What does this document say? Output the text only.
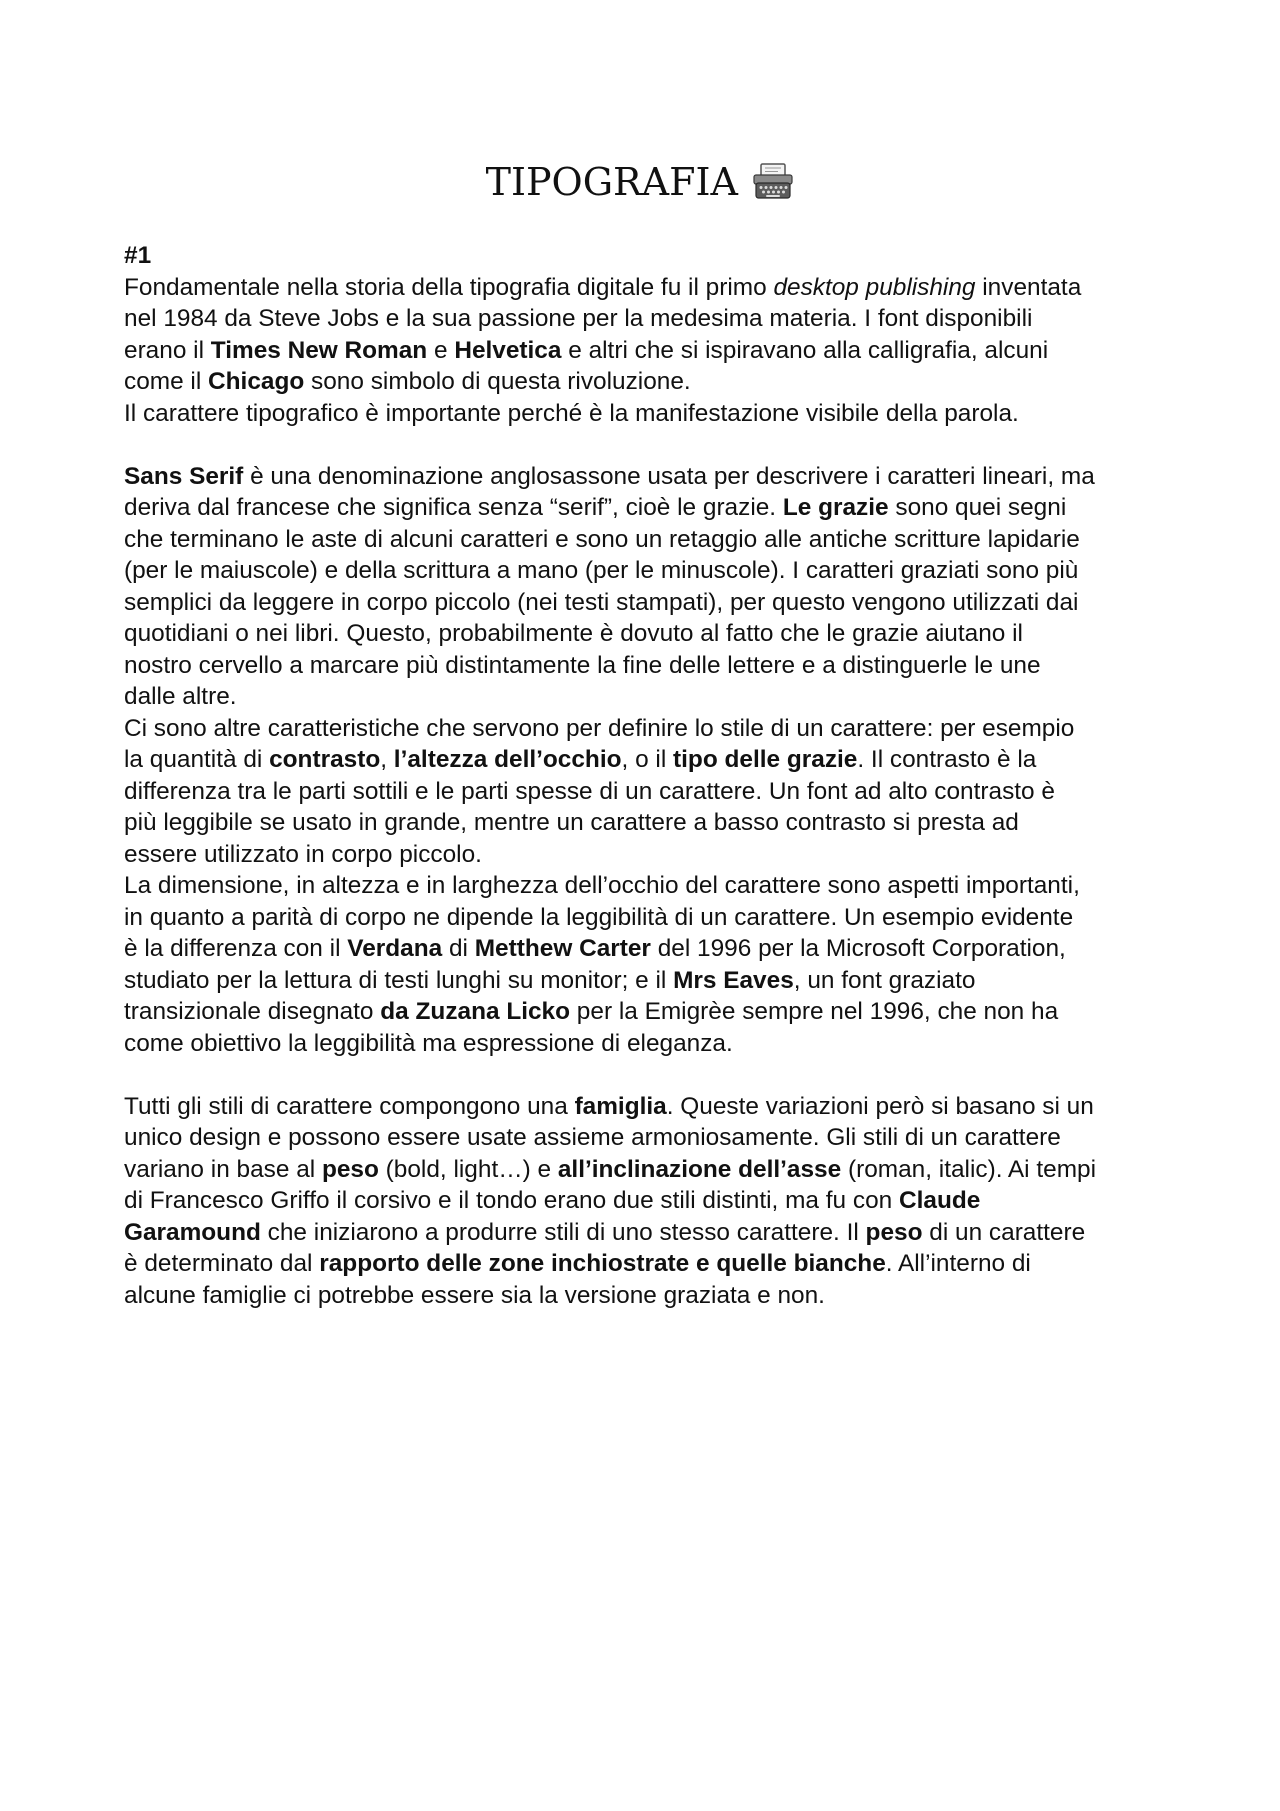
TIPOGRAFIA
#1
Fondamentale nella storia della tipografia digitale fu il primo desktop publishing inventata
nel 1984 da Steve Jobs e la sua passione per la medesima materia. I font disponibili
erano il Times New Roman e Helvetica e altri che si ispiravano alla calligrafia, alcuni
come il Chicago sono simbolo di questa rivoluzione.
Il carattere tipografico è importante perché è la manifestazione visibile della parola.
Sans Serif è una denominazione anglosassone usata per descrivere i caratteri lineari, ma
deriva dal francese che significa senza “serif”, cioè le grazie. Le grazie sono quei segni
che terminano le aste di alcuni caratteri e sono un retaggio alle antiche scritture lapidarie
(per le maiuscole) e della scrittura a mano (per le minuscole). I caratteri graziati sono più
semplici da leggere in corpo piccolo (nei testi stampati), per questo vengono utilizzati dai
quotidiani o nei libri. Questo, probabilmente è dovuto al fatto che le grazie aiutano il
nostro cervello a marcare più distintamente la fine delle lettere e a distinguerle le une
dalle altre.
Ci sono altre caratteristiche che servono per definire lo stile di un carattere: per esempio
la quantità di contrasto, l’altezza dell’occhio, o il tipo delle grazie. Il contrasto è la
differenza tra le parti sottili e le parti spesse di un carattere. Un font ad alto contrasto è
più leggibile se usato in grande, mentre un carattere a basso contrasto si presta ad
essere utilizzato in corpo piccolo.
La dimensione, in altezza e in larghezza dell’occhio del carattere sono aspetti importanti,
in quanto a parità di corpo ne dipende la leggibilità di un carattere. Un esempio evidente
è la differenza con il Verdana di Metthew Carter del 1996 per la Microsoft Corporation,
studiato per la lettura di testi lunghi su monitor; e il Mrs Eaves, un font graziato
transizionale disegnato da Zuzana Licko per la Emigrèe sempre nel 1996, che non ha
come obiettivo la leggibilità ma espressione di eleganza.
Tutti gli stili di carattere compongono una famiglia. Queste variazioni però si basano si un
unico design e possono essere usate assieme armoniosamente. Gli stili di un carattere
variano in base al peso (bold, light…) e all’inclinazione dell’asse (roman, italic). Ai tempi
di Francesco Griffo il corsivo e il tondo erano due stili distinti, ma fu con Claude
Garamound che iniziarono a produrre stili di uno stesso carattere. Il peso di un carattere
è determinato dal rapporto delle zone inchiostrate e quelle bianche. All’interno di
alcune famiglie ci potrebbe essere sia la versione graziata e non.
